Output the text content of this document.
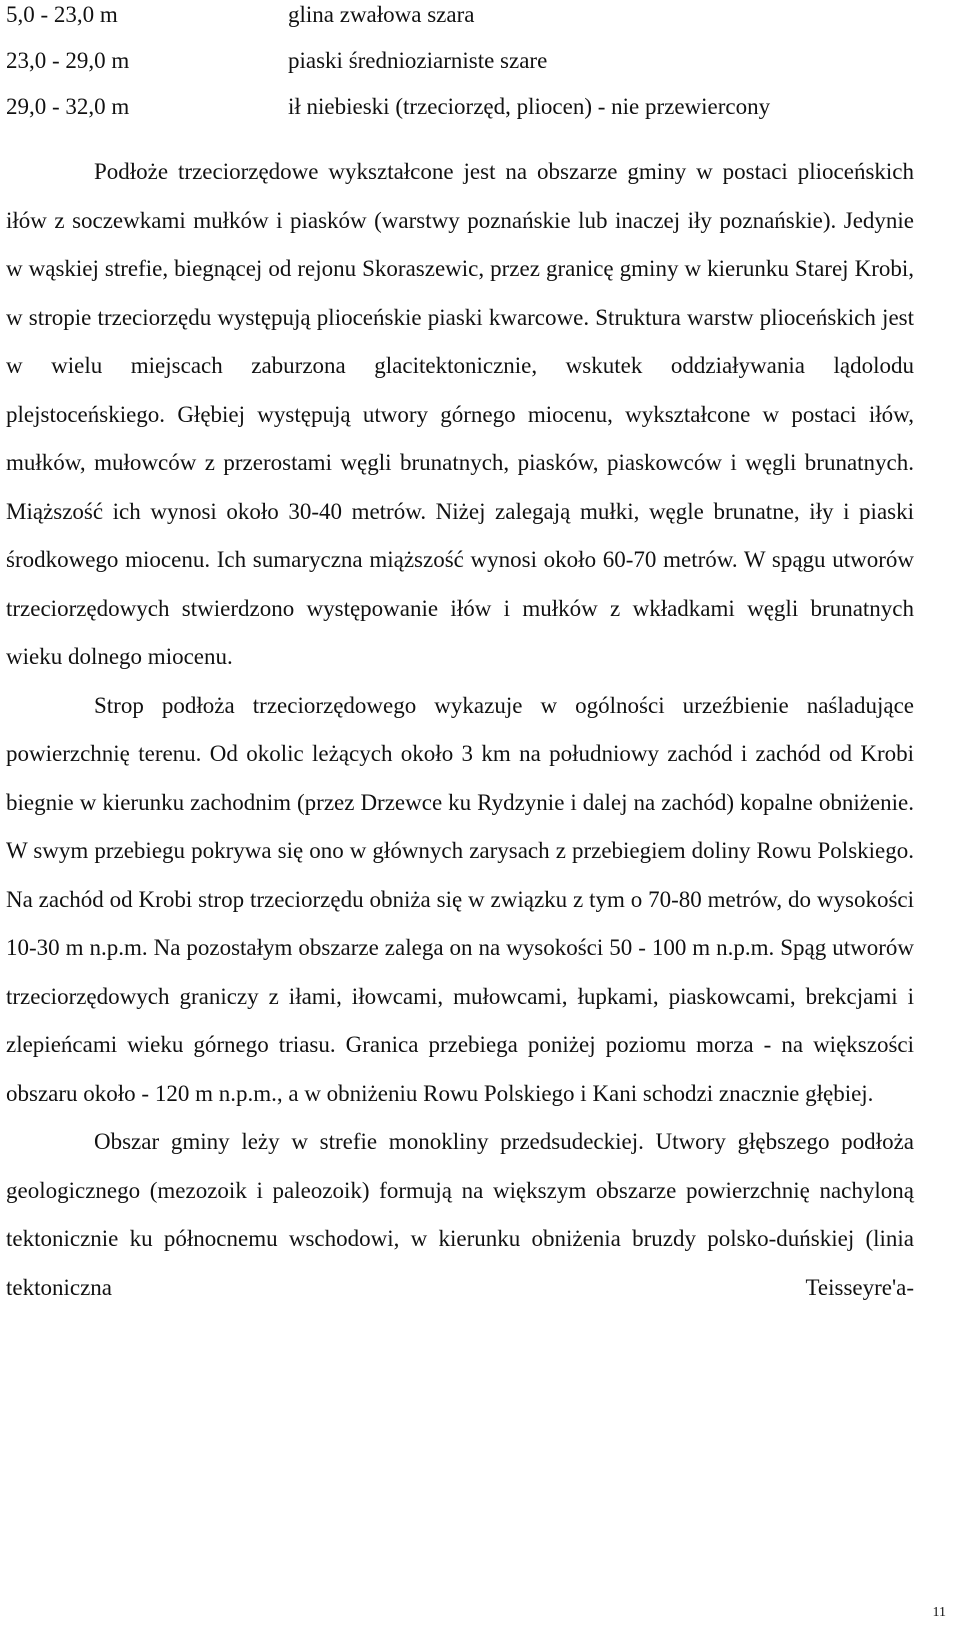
5,0 - 23,0 m	glina zwałowa szara
23,0 - 29,0 m	piaski średnioziarniste szare
29,0 - 32,0 m	ił niebieski (trzeciorzęd, pliocen) - nie przewiercony

Podłoże trzeciorzędowe wykształcone jest na obszarze gminy w postaci plioceńskich iłów z soczewkami mułków i piasków (warstwy poznańskie lub inaczej iły poznańskie). Jedynie w wąskiej strefie, biegnącej od rejonu Skoraszewic, przez granicę gminy w kierunku Starej Krobi, w stropie trzeciorzędu występują plioceńskie piaski kwarcowe. Struktura warstw plioceńskich jest w wielu miejscach zaburzona glacitektonicznie, wskutek oddziaływania lądolodu plejstoceńskiego. Głębiej występują utwory górnego miocenu, wykształcone w postaci iłów, mułków, mułowców z przerostami węgli brunatnych, piasków, piaskowców i węgli brunatnych. Miąższość ich wynosi około 30-40 metrów. Niżej zalegają mułki, węgle brunatne, iły i piaski środkowego miocenu. Ich sumaryczna miąższość wynosi około 60-70 metrów. W spągu utworów trzeciorzędowych stwierdzono występowanie iłów i mułków z wkładkami węgli brunatnych wieku dolnego miocenu.

Strop podłoża trzeciorzędowego wykazuje w ogólności urzeźbienie naśladujące powierzchnię terenu. Od okolic leżących około 3 km na południowy zachód i zachód od Krobi biegnie w kierunku zachodnim (przez Drzewce ku Rydzynie i dalej na zachód) kopalne obniżenie. W swym przebiegu pokrywa się ono w głównych zarysach z przebiegiem doliny Rowu Polskiego. Na zachód od Krobi strop trzeciorzędu obniża się w związku z tym o 70-80 metrów, do wysokości 10-30 m n.p.m. Na pozostałym obszarze zalega on na wysokości 50 - 100 m n.p.m. Spąg utworów trzeciorzędowych graniczy z iłami, iłowcami, mułowcami, łupkami, piaskowcami, brekcjami i zlepieńcami wieku górnego triasu. Granica przebiega poniżej poziomu morza - na większości obszaru około - 120 m n.p.m., a w obniżeniu Rowu Polskiego i Kani schodzi znacznie głębiej.

Obszar gminy leży w strefie monokliny przedsudeckiej. Utwory głębszego podłoża geologicznego (mezozoik i paleozoik) formują na większym obszarze powierzchnię nachyloną tektonicznie ku północnemu wschodowi, w kierunku obniżenia bruzdy polsko-duńskiej (linia tektoniczna Teisseyre'a-

11
